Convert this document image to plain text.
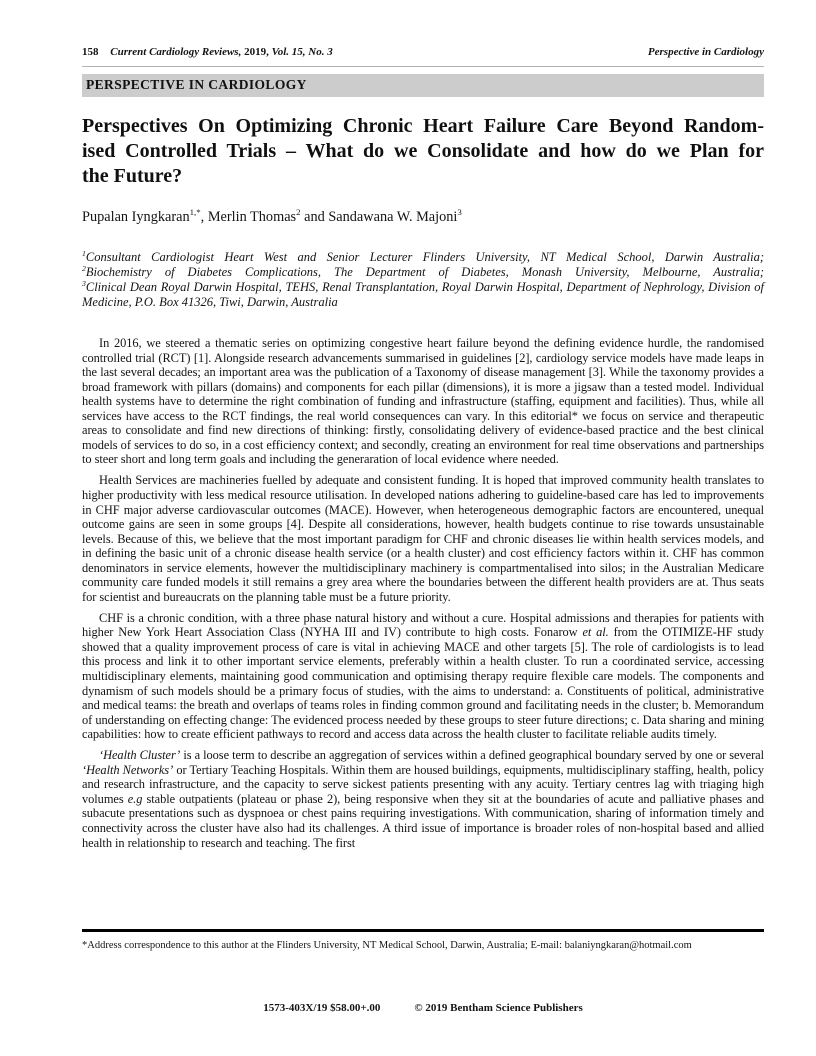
158 Current Cardiology Reviews, 2019, Vol. 15, No. 3	Perspective in Cardiology
PERSPECTIVE IN CARDIOLOGY
Perspectives On Optimizing Chronic Heart Failure Care Beyond Random-
ised Controlled Trials – What do we Consolidate and how do we Plan for
the Future?
Pupalan Iyngkaran$^{1,*}$, Merlin Thomas$^2$ and Sandawana W. Majoni$^3$
$^1$Consultant Cardiologist Heart West and Senior Lecturer Flinders University, NT Medical School, Darwin Australia;
$^2$Biochemistry of Diabetes Complications, The Department of Diabetes, Monash University, Melbourne, Australia;
$^3$Clinical Dean Royal Darwin Hospital, TEHS, Renal Transplantation, Royal Darwin Hospital, Department of Nephrology, Division of Medicine, P.O. Box 41326, Tiwi, Darwin, Australia

In 2016, we steered a thematic series on optimizing congestive heart failure beyond the defining evidence hurdle, the randomised controlled trial (RCT) [1]. Alongside research advancements summarised in guidelines [2], cardiology service models have made leaps in the last several decades; an important area was the publication of a Taxonomy of disease management [3]. While the taxonomy provides a broad framework with pillars (domains) and components for each pillar (dimensions), it is more a jigsaw than a tested model. Individual health systems have to determine the right combination of funding and infrastructure (staffing, equipment and facilities). Thus, while all services have access to the RCT findings, the real world consequences can vary. In this editorial* we focus on service and therapeutic areas to consolidate and find new directions of thinking: firstly, consolidating delivery of evidence-based practice and the best clinical models of services to do so, in a cost efficiency context; and secondly, creating an environment for real time observations and partnerships to steer short and long term goals and including the generaration of local evidence where needed.

Health Services are machineries fuelled by adequate and consistent funding. It is hoped that improved community health translates to higher productivity with less medical resource utilisation. In developed nations adhering to guideline-based care has led to improvements in CHF major adverse cardiovascular outcomes (MACE). However, when heterogeneous demographic factors are encountered, unequal outcome gains are seen in some groups [4]. Despite all considerations, however, health budgets continue to rise towards unsustainable levels. Because of this, we believe that the most important paradigm for CHF and chronic diseases lie within health services models, and in defining the basic unit of a chronic disease health service (or a health cluster) and cost efficiency factors within it. CHF has common denominators in service elements, however the multidisciplinary machinery is compartmentalised into silos; in the Australian Medicare community care funded models it still remains a grey area where the boundaries between the different health providers are at. Thus seats for scientist and bureaucrats on the planning table must be a future priority.

CHF is a chronic condition, with a three phase natural history and without a cure. Hospital admissions and therapies for patients with higher New York Heart Association Class (NYHA III and IV) contribute to high costs. Fonarow et al. from the OTIMIZE-HF study showed that a quality improvement process of care is vital in achieving MACE and other targets [5]. The role of cardiologists is to lead this process and link it to other important service elements, preferably within a health cluster. To run a coordinated service, accessing multidisciplinary elements, maintaining good communication and optimising therapy require flexible care models. The components and dynamism of such models should be a primary focus of studies, with the aims to understand: a. Constituents of political, administrative and medical teams: the breath and overlaps of teams roles in finding common ground and facilitating needs in the cluster; b. Memorandum of understanding on effecting change: The evidenced process needed by these groups to steer future directions; c. Data sharing and mining capabilities: how to create efficient pathways to record and access data across the health cluster to facilitate reliable audits timely.

‘Health Cluster’ is a loose term to describe an aggregation of services within a defined geographical boundary served by one or several ‘Health Networks’ or Tertiary Teaching Hospitals. Within them are housed buildings, equipments, multidisciplinary staffing, health, policy and research infrastructure, and the capacity to serve sickest patients presenting with any acuity. Tertiary centres lag with triaging high volumes e.g stable outpatients (plateau or phase 2), being responsive when they sit at the boundaries of acute and palliative phases and subacute presentations such as dyspnoea or chest pains requiring investigations. With communication, sharing of information timely and connectivity across the cluster have also had its challenges. A third issue of importance is broader roles of non-hospital based and allied health in relationship to research and teaching. The first

*Address correspondence to this author at the Flinders University, NT Medical School, Darwin, Australia; E-mail: balaniyngkaran@hotmail.com
1573-403X/19 $58.00+.00	© 2019 Bentham Science Publishers
